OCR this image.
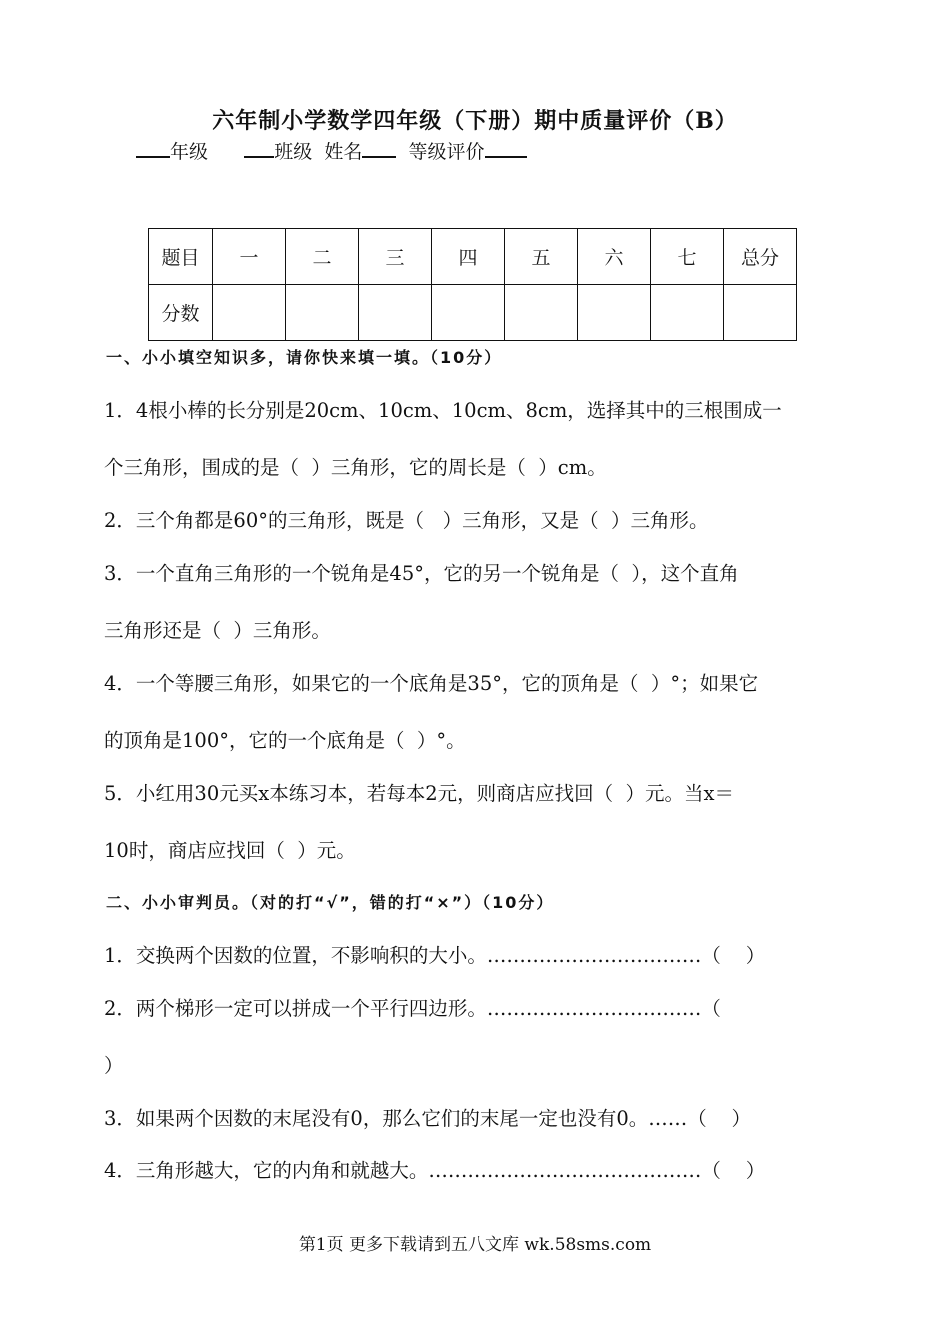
六年制小学数学四年级（下册）期中质量评价（B）
年级	班级 姓名 等级评价
题目	一	二	三	四	五	六	七	总分
分数								
一、小小填空知识多，请你快来填一填。（10分）
1．4根小棒的长分别是20cm、10cm、10cm、8cm，选择其中的三根围成一
个三角形，围成的是（  ）三角形，它的周长是（  ）cm。
2．三个角都是60°的三角形，既是（   ）三角形，又是（  ）三角形。
3．一个直角三角形的一个锐角是45°，它的另一个锐角是（  ），这个直角
三角形还是（  ）三角形。
4．一个等腰三角形，如果它的一个底角是35°，它的顶角是（  ）°；如果它
的顶角是100°，它的一个底角是（  ）°。
5．小红用30元买x本练习本，若每本2元，则商店应找回（  ）元。当x＝
10时，商店应找回（  ）元。
二、小小审判员。（对的打“√”，错的打“×”）（10分）
1．交换两个因数的位置，不影响积的大小。……………………………（    ）
2．两个梯形一定可以拼成一个平行四边形。……………………………（
）
3．如果两个因数的末尾没有0，那么它们的末尾一定也没有0。……（    ）
4．三角形越大，它的内角和就越大。……………………………………（    ）
第1页 更多下载请到五八文库 wk.58sms.com
